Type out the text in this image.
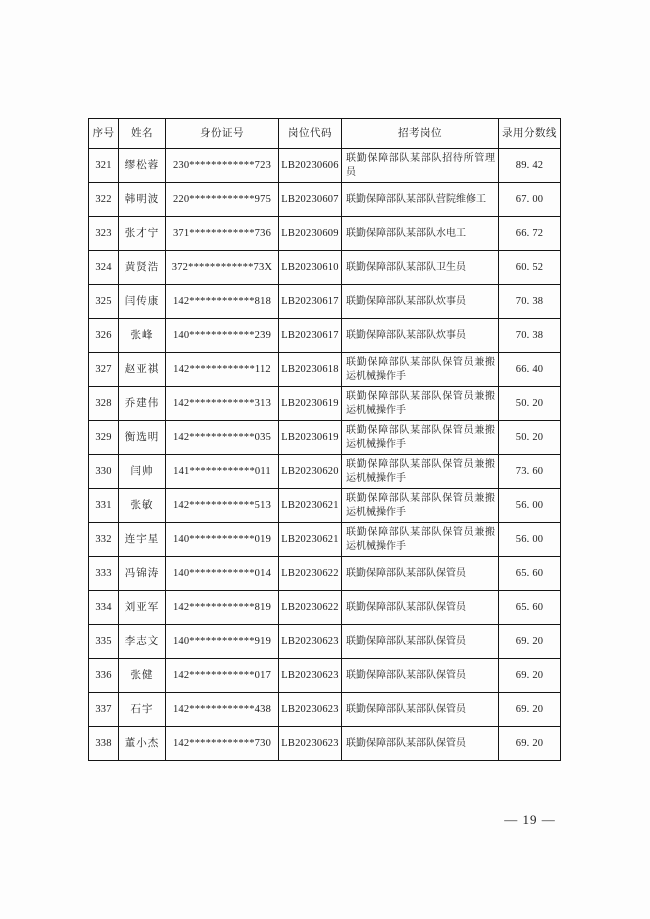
序号	姓名	身份证号	岗位代码	招考岗位	录用分数线
321	缪松蓉	230************723	LB20230606	联勤保障部队某部队招待所管理员	89. 42
322	韩明波	220************975	LB20230607	联勤保障部队某部队营院维修工	67. 00
323	张才宁	371************736	LB20230609	联勤保障部队某部队水电工	66. 72
324	黄贤浩	372************73X	LB20230610	联勤保障部队某部队卫生员	60. 52
325	闫传康	142************818	LB20230617	联勤保障部队某部队炊事员	70. 38
326	张峰	140************239	LB20230617	联勤保障部队某部队炊事员	70. 38
327	赵亚祺	142************112	LB20230618	联勤保障部队某部队保管员兼搬运机械操作手	66. 40
328	乔建伟	142************313	LB20230619	联勤保障部队某部队保管员兼搬运机械操作手	50. 20
329	衡选明	142************035	LB20230619	联勤保障部队某部队保管员兼搬运机械操作手	50. 20
330	闫帅	141************011	LB20230620	联勤保障部队某部队保管员兼搬运机械操作手	73. 60
331	张敏	142************513	LB20230621	联勤保障部队某部队保管员兼搬运机械操作手	56. 00
332	连宇星	140************019	LB20230621	联勤保障部队某部队保管员兼搬运机械操作手	56. 00
333	冯锦涛	140************014	LB20230622	联勤保障部队某部队保管员	65. 60
334	刘亚军	142************819	LB20230622	联勤保障部队某部队保管员	65. 60
335	李志文	140************919	LB20230623	联勤保障部队某部队保管员	69. 20
336	张健	142************017	LB20230623	联勤保障部队某部队保管员	69. 20
337	石宇	142************438	LB20230623	联勤保障部队某部队保管员	69. 20
338	董小杰	142************730	LB20230623	联勤保障部队某部队保管员	69. 20
— 19 —
